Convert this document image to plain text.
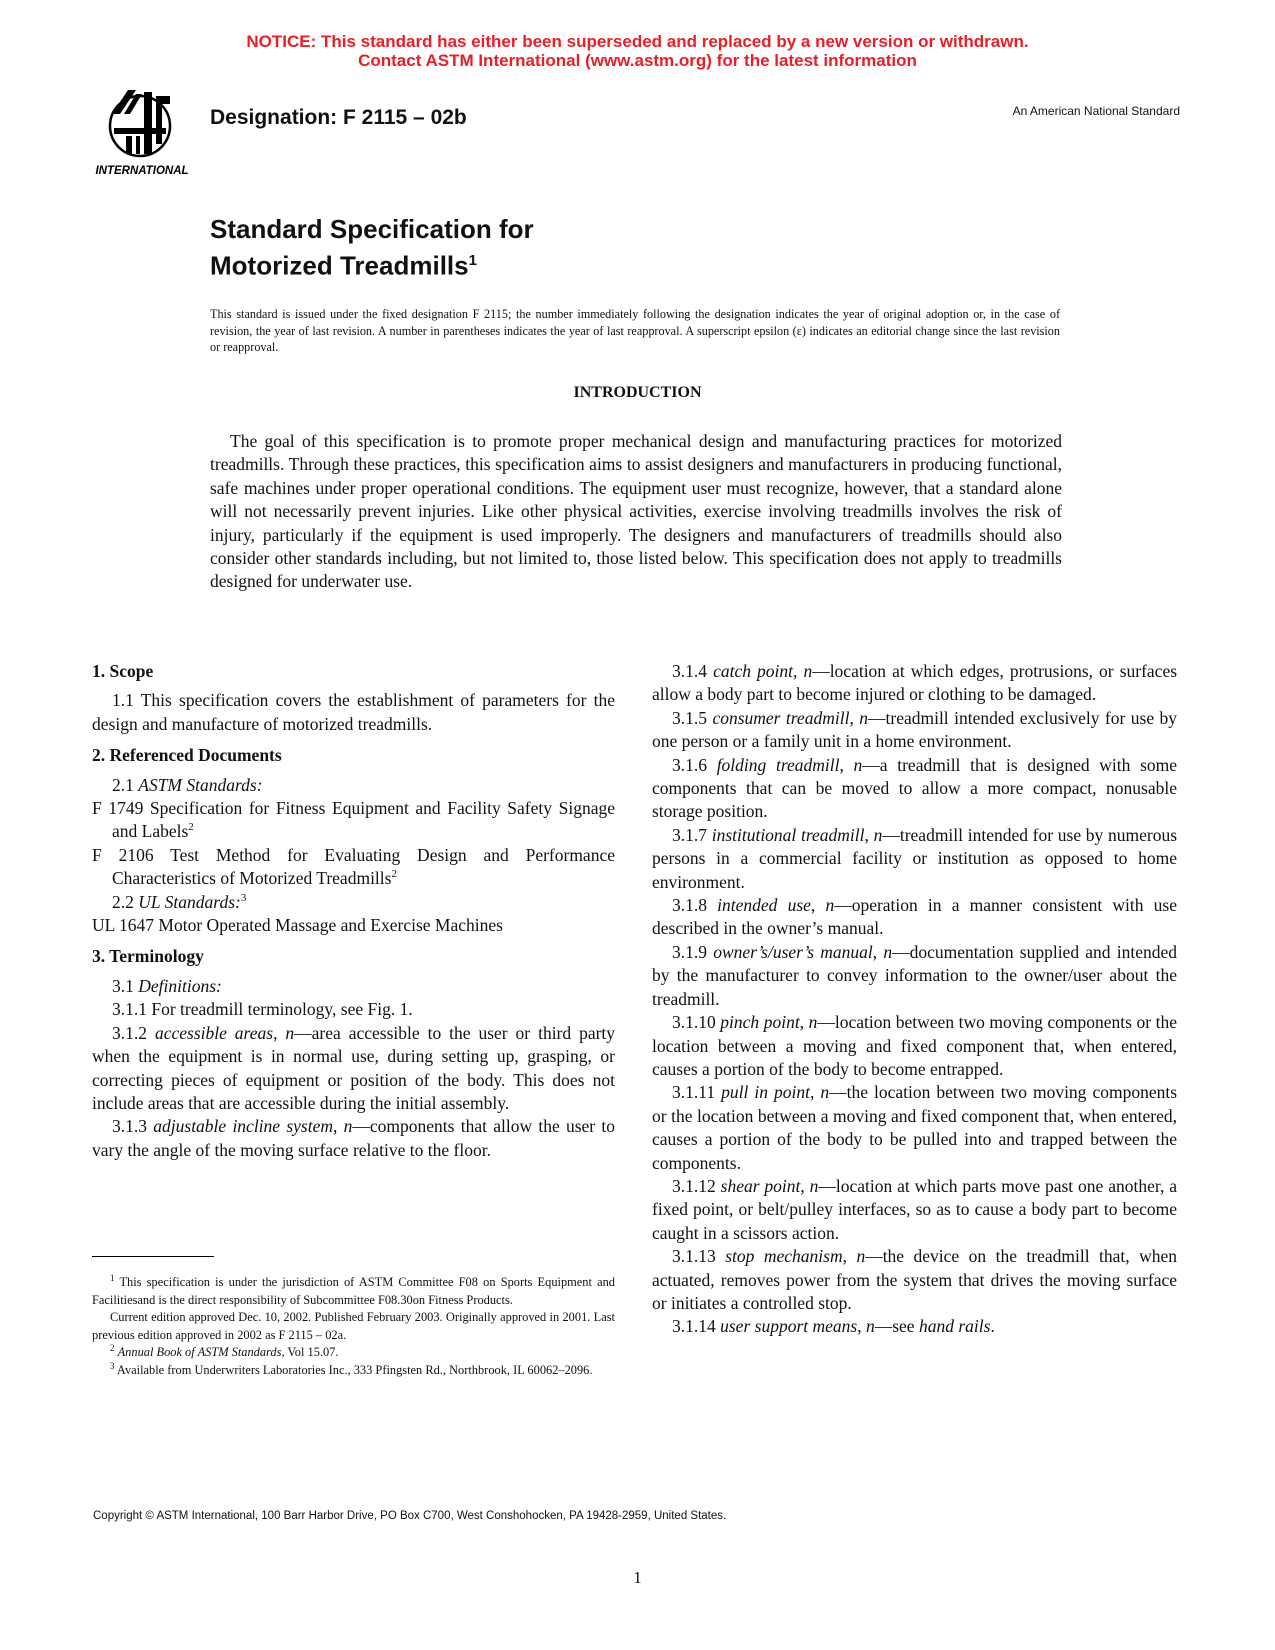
NOTICE: This standard has either been superseded and replaced by a new version or withdrawn.
Contact ASTM International (www.astm.org) for the latest information
INTERNATIONAL
Designation: F 2115 – 02b	An American National Standard
Standard Specification for
Motorized Treadmills$^1$
This standard is issued under the fixed designation F 2115; the number immediately following the designation indicates the year of original adoption or, in the case of revision, the year of last revision. A number in parentheses indicates the year of last reapproval. A superscript epsilon (ε) indicates an editorial change since the last revision or reapproval.
INTRODUCTION
The goal of this specification is to promote proper mechanical design and manufacturing practices for motorized treadmills. Through these practices, this specification aims to assist designers and manufacturers in producing functional, safe machines under proper operational conditions. The equipment user must recognize, however, that a standard alone will not necessarily prevent injuries. Like other physical activities, exercise involving treadmills involves the risk of injury, particularly if the equipment is used improperly. The designers and manufacturers of treadmills should also consider other standards including, but not limited to, those listed below. This specification does not apply to treadmills designed for underwater use.

1. Scope

1.1 This specification covers the establishment of parameters for the design and manufacture of motorized treadmills.

2. Referenced Documents

2.1 ASTM Standards:

F 1749 Specification for Fitness Equipment and Facility Safety Signage and Labels$^2$

F 2106 Test Method for Evaluating Design and Performance Characteristics of Motorized Treadmills$^2$

2.2 UL Standards:$^3$

UL 1647 Motor Operated Massage and Exercise Machines

3. Terminology

3.1 Definitions:

3.1.1 For treadmill terminology, see Fig. 1.

3.1.2 accessible areas, n—area accessible to the user or third party when the equipment is in normal use, during setting up, grasping, or correcting pieces of equipment or position of the body. This does not include areas that are accessible during the initial assembly.

3.1.3 adjustable incline system, n—components that allow the user to vary the angle of the moving surface relative to the floor.

3.1.4 catch point, n—location at which edges, protrusions, or surfaces allow a body part to become injured or clothing to be damaged.

3.1.5 consumer treadmill, n—treadmill intended exclusively for use by one person or a family unit in a home environment.

3.1.6 folding treadmill, n—a treadmill that is designed with some components that can be moved to allow a more compact, nonusable storage position.

3.1.7 institutional treadmill, n—treadmill intended for use by numerous persons in a commercial facility or institution as opposed to home environment.

3.1.8 intended use, n—operation in a manner consistent with use described in the owner’s manual.

3.1.9 owner’s/user’s manual, n—documentation supplied and intended by the manufacturer to convey information to the owner/user about the treadmill.

3.1.10 pinch point, n—location between two moving components or the location between a moving and fixed component that, when entered, causes a portion of the body to become entrapped.

3.1.11 pull in point, n—the location between two moving components or the location between a moving and fixed component that, when entered, causes a portion of the body to be pulled into and trapped between the components.

3.1.12 shear point, n—location at which parts move past one another, a fixed point, or belt/pulley interfaces, so as to cause a body part to become caught in a scissors action.

3.1.13 stop mechanism, n—the device on the treadmill that, when actuated, removes power from the system that drives the moving surface or initiates a controlled stop.

3.1.14 user support means, n—see hand rails.

$^1$ This specification is under the jurisdiction of ASTM Committee F08 on Sports Equipment and Facilitiesand is the direct responsibility of Subcommittee F08.30on Fitness Products.

Current edition approved Dec. 10, 2002. Published February 2003. Originally approved in 2001. Last previous edition approved in 2002 as F 2115 – 02a.

$^2$ Annual Book of ASTM Standards, Vol 15.07.

$^3$ Available from Underwriters Laboratories Inc., 333 Pfingsten Rd., Northbrook, IL 60062–2096.

Copyright © ASTM International, 100 Barr Harbor Drive, PO Box C700, West Conshohocken, PA 19428-2959, United States.
1
